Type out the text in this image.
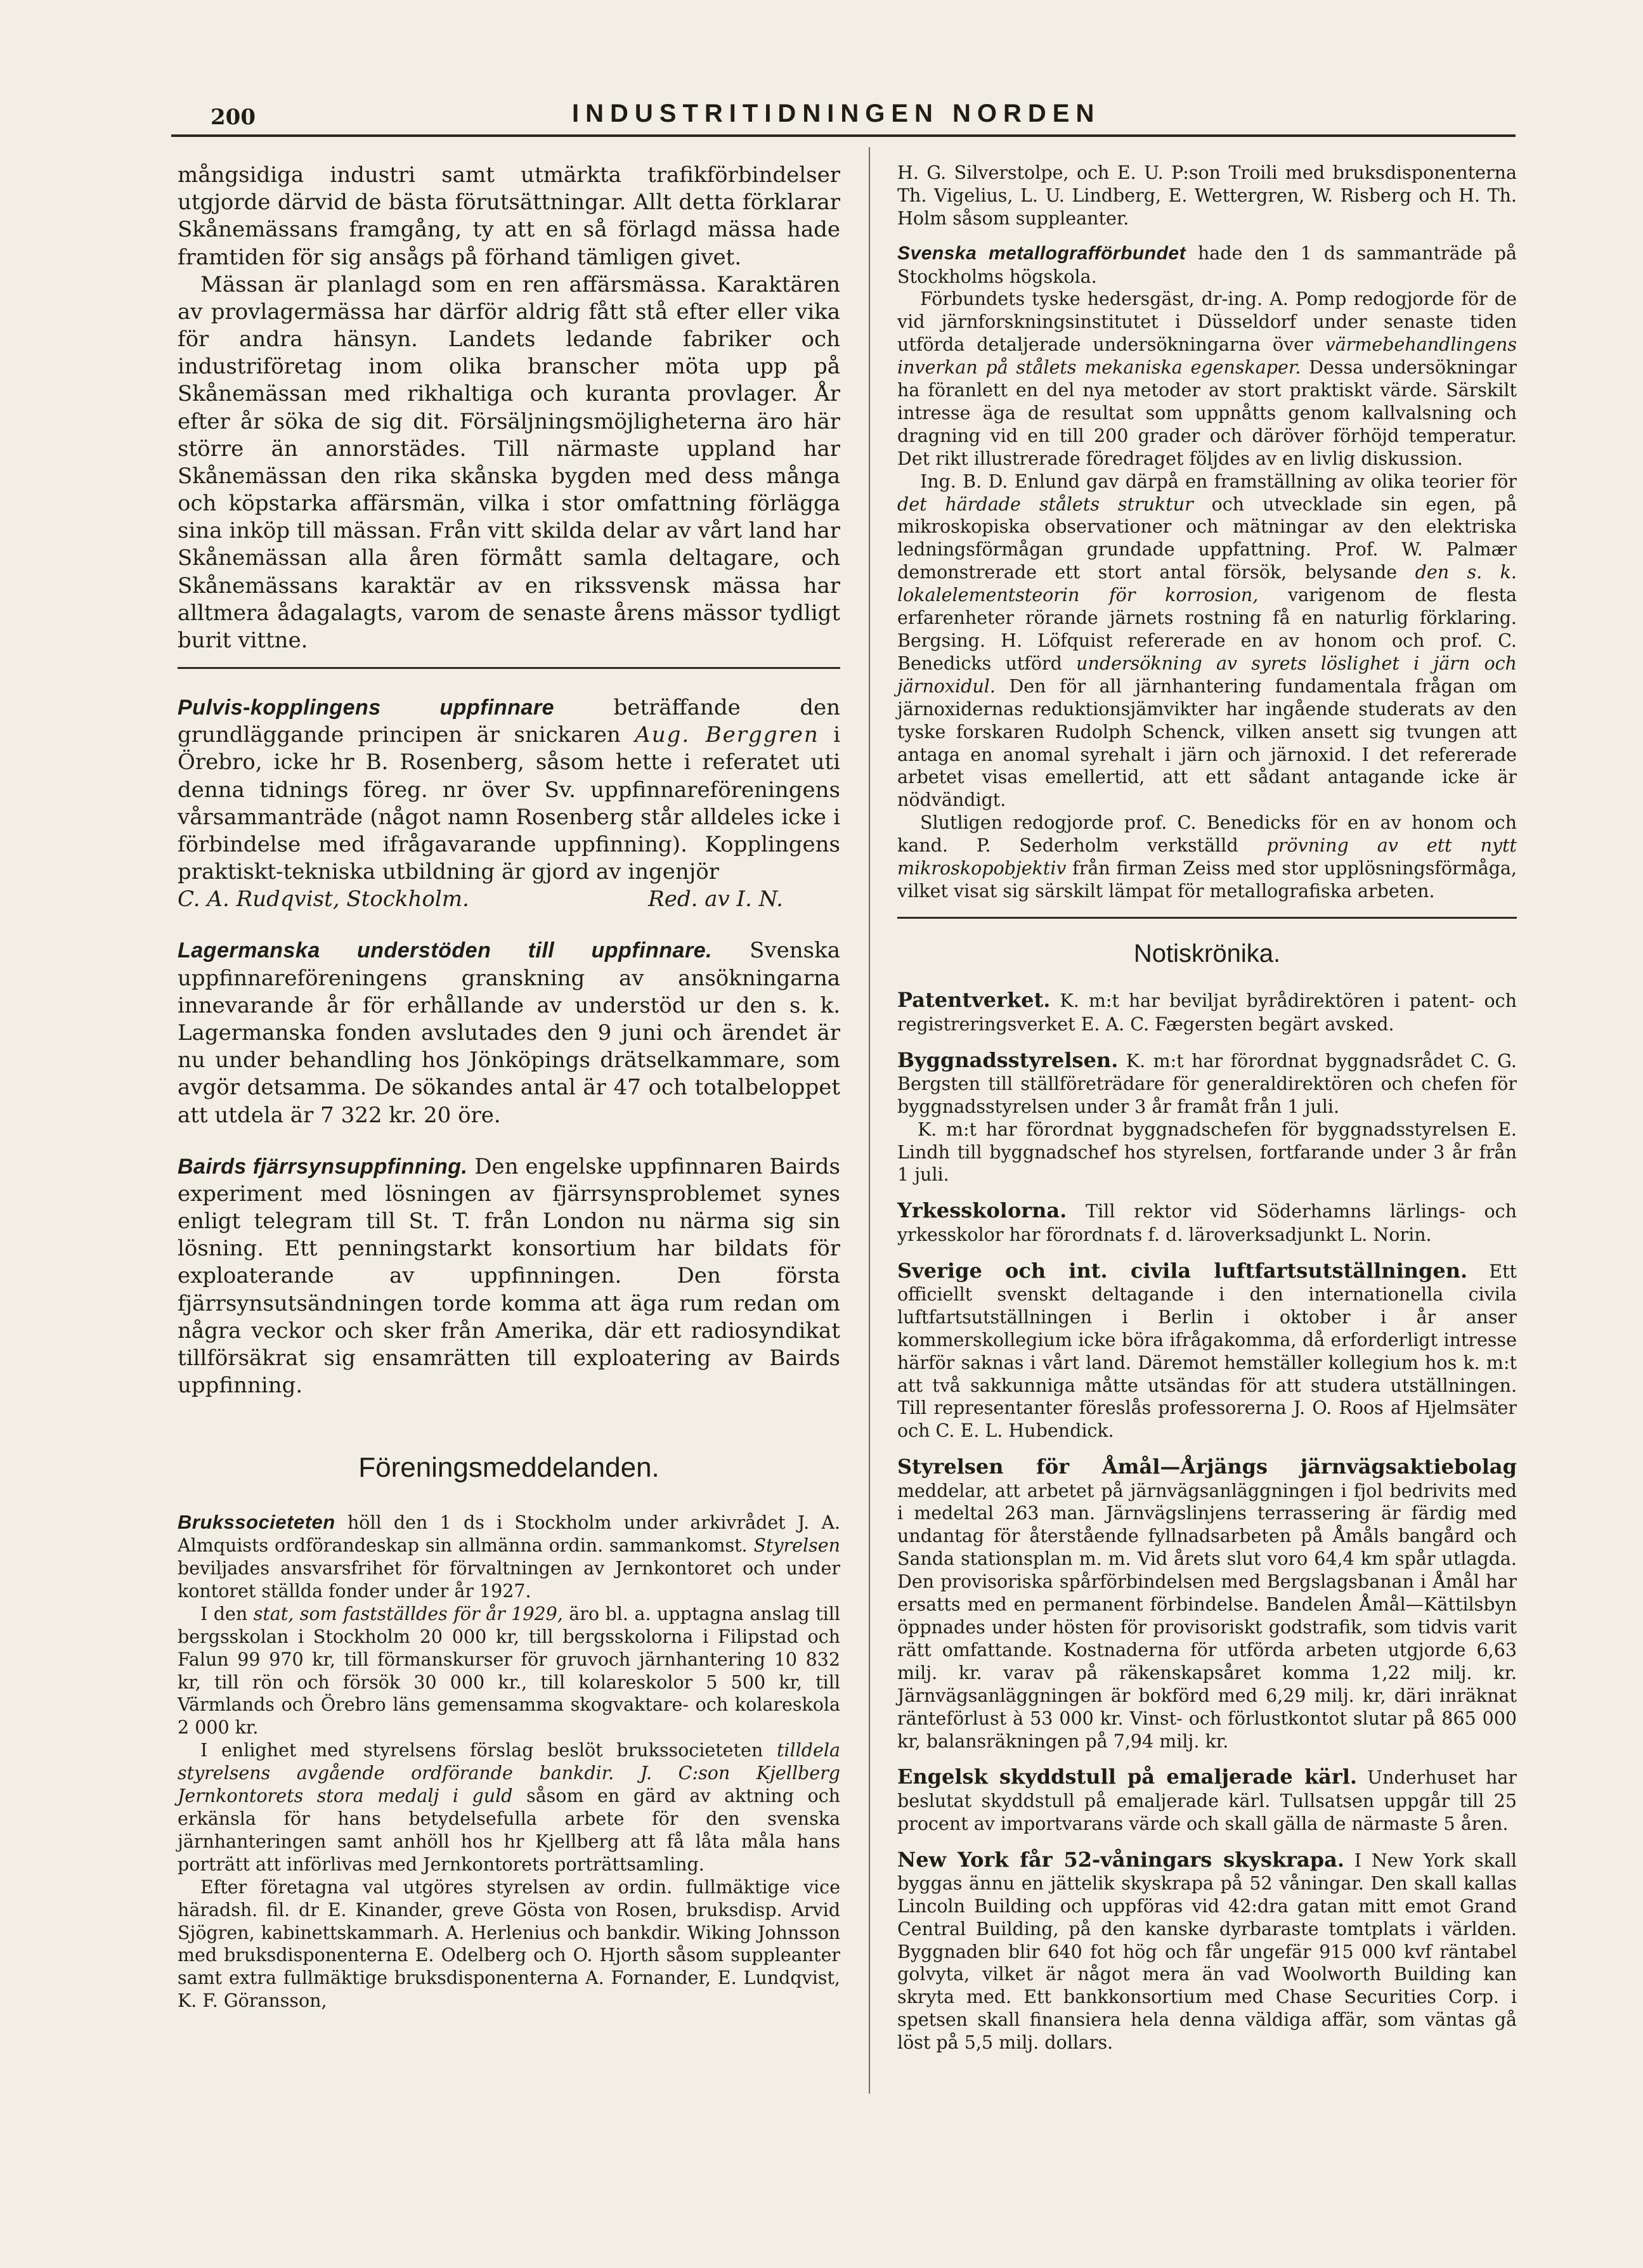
200	INDUSTRITIDNINGEN NORDEN

mångsidiga industri samt utmärkta trafikförbindelser utgjorde därvid de bästa förutsättningar. Allt detta förklarar Skånemässans framgång, ty att en så förlagd mässa hade framtiden för sig ansågs på förhand tämligen givet.

Mässan är planlagd som en ren affärsmässa. Karaktären av provlagermässa har därför aldrig fått stå efter eller vika för andra hänsyn. Landets ledande fabriker och industriföretag inom olika branscher möta upp på Skånemässan med rikhaltiga och kuranta provlager. År efter år söka de sig dit. Försäljningsmöjligheterna äro här större än annorstädes. Till närmaste uppland har Skånemässan den rika skånska bygden med dess många och köpstarka affärsmän, vilka i stor omfattning förlägga sina inköp till mässan. Från vitt skilda delar av vårt land har Skånemässan alla åren förmått samla deltagare, och Skånemässans karaktär av en rikssvensk mässa har alltmera ådagalagts, varom de senaste årens mässor tydligt burit vittne.

Pulvis-kopplingens uppfinnare beträffande den grundläggande principen är snickaren Aug. Berggren i Örebro, icke hr B. Rosenberg, såsom hette i referatet uti denna tidnings föreg. nr över Sv. uppfinnareföreningens vårsammanträde (något namn Rosenberg står alldeles icke i förbindelse med ifrågavarande uppfinning). Kopplingens praktiskt-tekniska utbildning är gjord av ingenjör

C. A. Rudqvist, Stockholm.	Red. av I. N.

Lagermanska understöden till uppfinnare. Svenska uppfinnareföreningens granskning av ansökningarna innevarande år för erhållande av understöd ur den s. k. Lagermanska fonden avslutades den 9 juni och ärendet är nu under behandling hos Jönköpings drätselkammare, som avgör detsamma. De sökandes antal är 47 och totalbeloppet att utdela är 7 322 kr. 20 öre.

Bairds fjärrsynsuppfinning. Den engelske uppfinnaren Bairds experiment med lösningen av fjärrsynsproblemet synes enligt telegram till St. T. från London nu närma sig sin lösning. Ett penningstarkt konsortium har bildats för exploaterande av uppfinningen. Den första fjärrsynsutsändningen torde komma att äga rum redan om några veckor och sker från Amerika, där ett radiosyndikat tillförsäkrat sig ensamrätten till exploatering av Bairds uppfinning.

Föreningsmeddelanden.

Brukssocieteten höll den 1 ds i Stockholm under arkivrådet J. A. Almquists ordförandeskap sin allmänna ordin. sammankomst. Styrelsen beviljades ansvarsfrihet för förvaltningen av Jernkontoret och under kontoret ställda fonder under år 1927.

I den stat, som fastställdes för år 1929, äro bl. a. upptagna anslag till bergsskolan i Stockholm 20 000 kr, till bergsskolorna i Filipstad och Falun 99 970 kr, till förmanskurser för gruvoch järnhantering 10 832 kr, till rön och försök 30 000 kr., till kolareskolor 5 500 kr, till Värmlands och Örebro läns gemensamma skogvaktare- och kolareskola 2 000 kr.

I enlighet med styrelsens förslag beslöt brukssocieteten tilldela styrelsens avgående ordförande bankdir. J. C:son Kjellberg Jernkontorets stora medalj i guld såsom en gärd av aktning och erkänsla för hans betydelsefulla arbete för den svenska järnhanteringen samt anhöll hos hr Kjellberg att få låta måla hans porträtt att införlivas med Jernkontorets porträttsamling.

Efter företagna val utgöres styrelsen av ordin. fullmäktige vice häradsh. fil. dr E. Kinander, greve Gösta von Rosen, bruksdisp. Arvid Sjögren, kabinettskammarh. A. Herlenius och bankdir. Wiking Johnsson med bruksdisponenterna E. Odelberg och O. Hjorth såsom suppleanter samt extra fullmäktige bruksdisponenterna A. Fornander, E. Lundqvist, K. F. Göransson,

H. G. Silverstolpe, och E. U. P:son Troili med bruksdisponenterna Th. Vigelius, L. U. Lindberg, E. Wettergren, W. Risberg och H. Th. Holm såsom suppleanter.

Svenska metallografförbundet hade den 1 ds sammanträde på Stockholms högskola.

Förbundets tyske hedersgäst, dr-ing. A. Pomp redogjorde för de vid järnforskningsinstitutet i Düsseldorf under senaste tiden utförda detaljerade undersökningarna över värmebehandlingens inverkan på stålets mekaniska egenskaper. Dessa undersökningar ha föranlett en del nya metoder av stort praktiskt värde. Särskilt intresse äga de resultat som uppnåtts genom kallvalsning och dragning vid en till 200 grader och däröver förhöjd temperatur. Det rikt illustrerade föredraget följdes av en livlig diskussion.

Ing. B. D. Enlund gav därpå en framställning av olika teorier för det härdade stålets struktur och utvecklade sin egen, på mikroskopiska observationer och mätningar av den elektriska ledningsförmågan grundade uppfattning. Prof. W. Palmær demonstrerade ett stort antal försök, belysande den s. k. lokalelementsteorin för korrosion, varigenom de flesta erfarenheter rörande järnets rostning få en naturlig förklaring. Bergsing. H. Löfquist refererade en av honom och prof. C. Benedicks utförd undersökning av syrets löslighet i järn och järnoxidul. Den för all järnhantering fundamentala frågan om järnoxidernas reduktionsjämvikter har ingående studerats av den tyske forskaren Rudolph Schenck, vilken ansett sig tvungen att antaga en anomal syrehalt i järn och järnoxid. I det refererade arbetet visas emellertid, att ett sådant antagande icke är nödvändigt.

Slutligen redogjorde prof. C. Benedicks för en av honom och kand. P. Sederholm verkställd prövning av ett nytt mikroskopobjektiv från firman Zeiss med stor upplösningsförmåga, vilket visat sig särskilt lämpat för metallografiska arbeten.

Notiskrönika.

Patentverket. K. m:t har beviljat byrådirektören i patent- och registreringsverket E. A. C. Fægersten begärt avsked.

Byggnadsstyrelsen. K. m:t har förordnat byggnadsrådet C. G. Bergsten till ställföreträdare för generaldirektören och chefen för byggnadsstyrelsen under 3 år framåt från 1 juli.

K. m:t har förordnat byggnadschefen för byggnadsstyrelsen E. Lindh till byggnadschef hos styrelsen, fortfarande under 3 år från 1 juli.

Yrkesskolorna. Till rektor vid Söderhamns lärlings- och yrkesskolor har förordnats f. d. läroverksadjunkt L. Norin.

Sverige och int. civila luftfartsutställningen. Ett officiellt svenskt deltagande i den internationella civila luftfartsutställningen i Berlin i oktober i år anser kommerskollegium icke böra ifrågakomma, då erforderligt intresse härför saknas i vårt land. Däremot hemställer kollegium hos k. m:t att två sakkunniga måtte utsändas för att studera utställningen. Till representanter föreslås professorerna J. O. Roos af Hjelmsäter och C. E. L. Hubendick.

Styrelsen för Åmål—Årjängs järnvägsaktiebolag meddelar, att arbetet på järnvägsanläggningen i fjol bedrivits med i medeltal 263 man. Järnvägslinjens terrassering är färdig med undantag för återstående fyllnadsarbeten på Åmåls bangård och Sanda stationsplan m. m. Vid årets slut voro 64,4 km spår utlagda. Den provisoriska spårförbindelsen med Bergslagsbanan i Åmål har ersatts med en permanent förbindelse. Bandelen Åmål—Kättilsbyn öppnades under hösten för provisoriskt godstrafik, som tidvis varit rätt omfattande. Kostnaderna för utförda arbeten utgjorde 6,63 milj. kr. varav på räkenskapsåret komma 1,22 milj. kr. Järnvägsanläggningen är bokförd med 6,29 milj. kr, däri inräknat ränteförlust à 53 000 kr. Vinst- och förlustkontot slutar på 865 000 kr, balansräkningen på 7,94 milj. kr.

Engelsk skyddstull på emaljerade kärl. Underhuset har beslutat skyddstull på emaljerade kärl. Tullsatsen uppgår till 25 procent av importvarans värde och skall gälla de närmaste 5 åren.

New York får 52-våningars skyskrapa. I New York skall byggas ännu en jättelik skyskrapa på 52 våningar. Den skall kallas Lincoln Building och uppföras vid 42:dra gatan mitt emot Grand Central Building, på den kanske dyrbaraste tomtplats i världen. Byggnaden blir 640 fot hög och får ungefär 915 000 kvf räntabel golvyta, vilket är något mera än vad Woolworth Building kan skryta med. Ett bankkonsortium med Chase Securities Corp. i spetsen skall finansiera hela denna väldiga affär, som väntas gå löst på 5,5 milj. dollars.
